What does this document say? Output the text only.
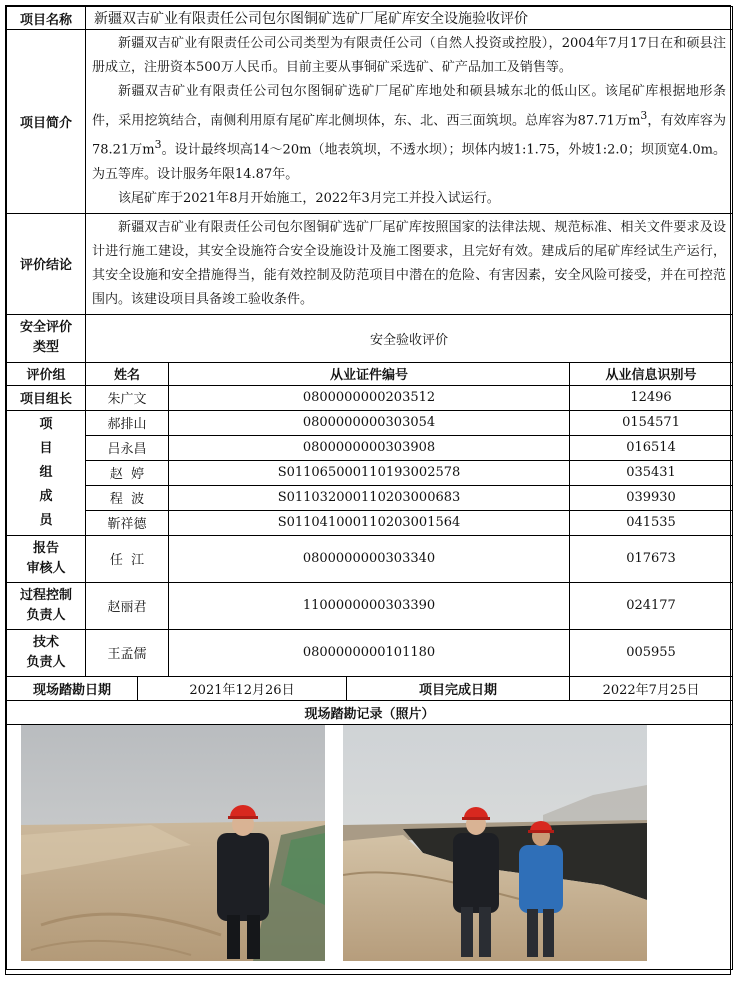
项目名称	新疆双吉矿业有限责任公司包尔图铜矿选矿厂尾矿库安全设施验收评价				
项目简介	新疆双吉矿业有限责任公司公司类型为有限责任公司（自然人投资或控股），2004年7月17日在和硕县注册成立，注册资本500万人民币。目前主要从事铜矿采选矿、矿产品加工及销售等。

新疆双吉矿业有限责任公司包尔图铜矿选矿厂尾矿库地处和硕县城东北的低山区。该尾矿库根据地形条件，采用挖筑结合，南侧利用原有尾矿库北侧坝体，东、北、西三面筑坝。总库容为87.71万$m^3$，有效库容为78.21万$m^3$。设计最终坝高14～20m（地表筑坝，不透水坝）；坝体内坡1:1.75，外坡1:2.0；坝顶宽4.0m。为五等库。设计服务年限14.87年。

该尾矿库于2021年8月开始施工，2022年3月完工并投入试运行。				

评价结论	新疆双吉矿业有限责任公司包尔图铜矿选矿厂尾矿库按照国家的法律法规、规范标准、相关文件要求及设计进行施工建设，其安全设施符合安全设施设计及施工图要求，且完好有效。建成后的尾矿库经试生产运行，其安全设施和安全措施得当，能有效控制及防范项目中潜在的危险、有害因素，安全风险可接受，并在可控范围内。该建设项目具备竣工验收条件。				

安全评价
类型	安全验收评价				
评价组	姓名		从业证件编号		从业信息识别号
项目组长	朱广文		0800000000203512		12496

项
目
组
成
员	郝排山		0800000000303054		0154571
	吕永昌		0800000000303908		016514
	赵  婷		S011065000110193002578		035431
	程  波		S011032000110203000683		039930
	靳祥德		S011041000110203001564		041535

报告
审核人	任  江		0800000000303340		017673

过程控制
负责人	赵丽君		1100000000303390		024177

技术
负责人	王孟儒		0800000000101180		005955
现场踏勘日期		2021年12月26日		项目完成日期	2022年7月25日
现场踏勘记录（照片）					
